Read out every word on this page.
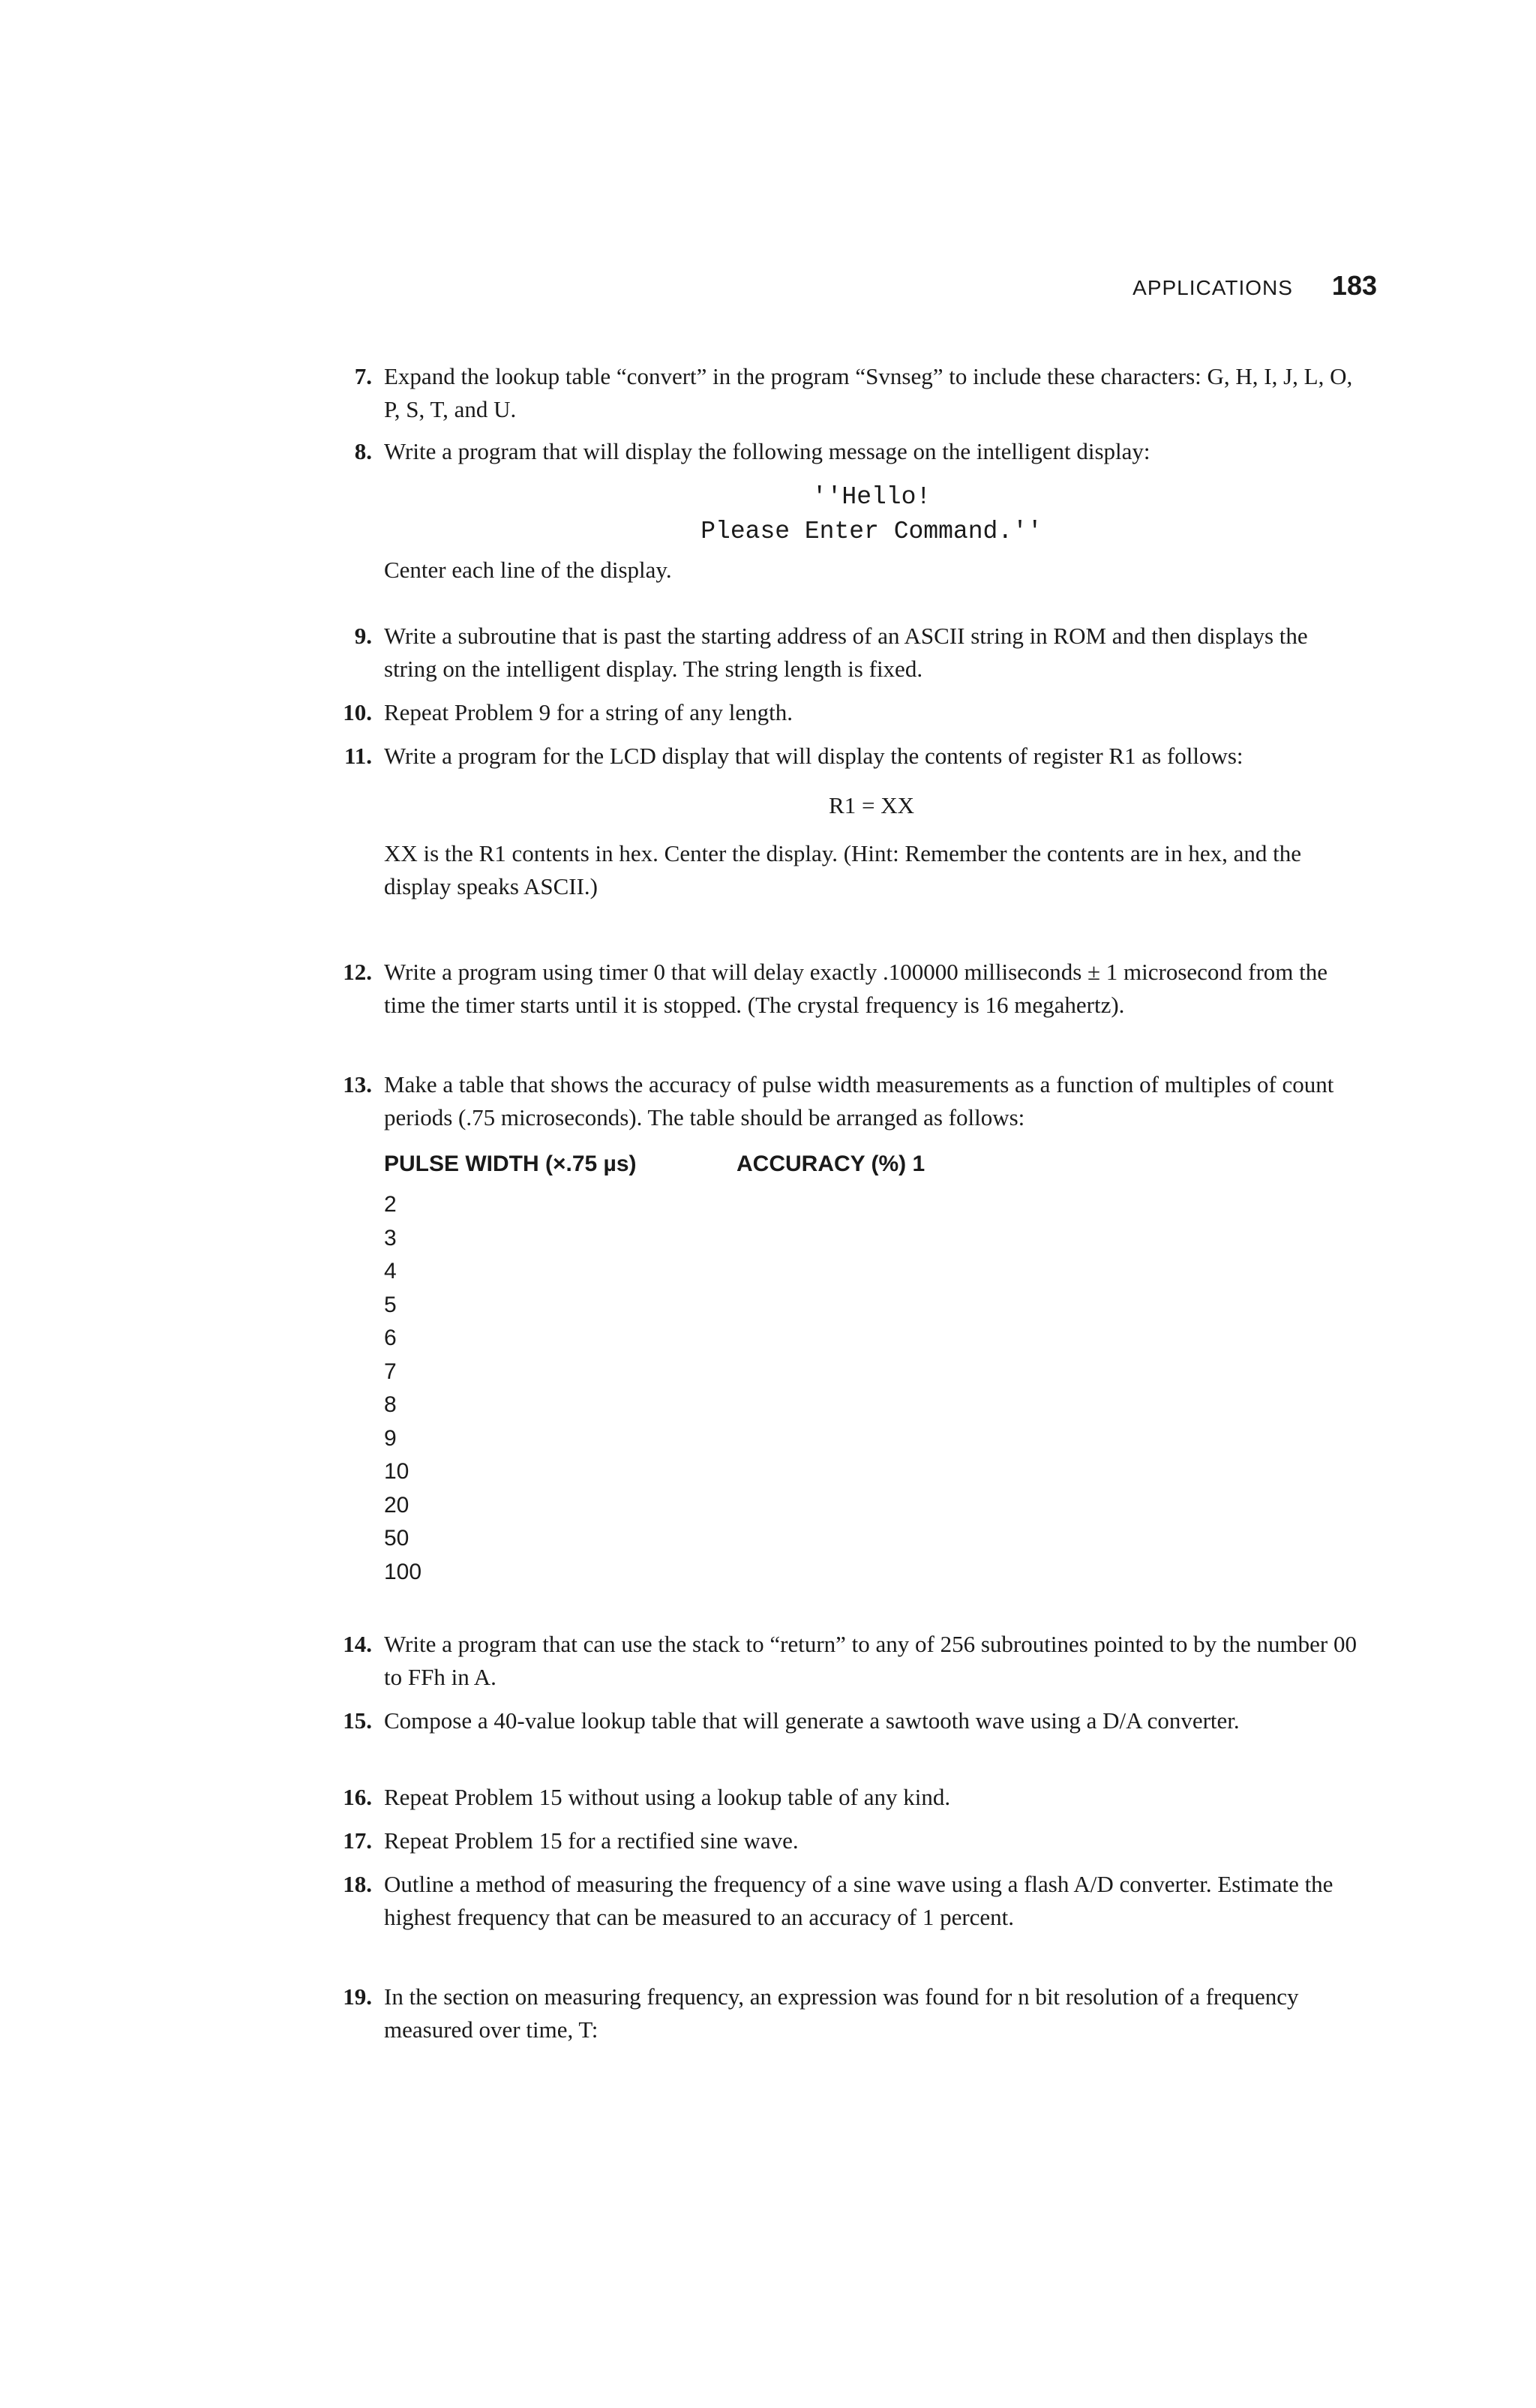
APPLICATIONS 183
7. Expand the lookup table “convert” in the program “Svnseg” to include these characters: G, H, I, J, L, O, P, S, T, and U.
8. Write a program that will display the following message on the intelligent display:
''Hello!
Please Enter Command.''
Center each line of the display.
9. Write a subroutine that is past the starting address of an ASCII string in ROM and then displays the string on the intelligent display. The string length is fixed.
10. Repeat Problem 9 for a string of any length.
11. Write a program for the LCD display that will display the contents of register R1 as follows:
R1 = XX
XX is the R1 contents in hex. Center the display. (Hint: Remember the contents are in hex, and the display speaks ASCII.)
12. Write a program using timer 0 that will delay exactly .100000 milliseconds ± 1 microsecond from the time the timer starts until it is stopped. (The crystal frequency is 16 megahertz).
13. Make a table that shows the accuracy of pulse width measurements as a function of multiples of count periods (.75 microseconds). The table should be arranged as follows:
PULSE WIDTH (×.75 µs)	ACCURACY (%) 1
2
3
4
5
6
7
8
9
10
20
50
100
14. Write a program that can use the stack to “return” to any of 256 subroutines pointed to by the number 00 to FFh in A.
15. Compose a 40-value lookup table that will generate a sawtooth wave using a D/A converter.
16. Repeat Problem 15 without using a lookup table of any kind.
17. Repeat Problem 15 for a rectified sine wave.
18. Outline a method of measuring the frequency of a sine wave using a flash A/D converter. Estimate the highest frequency that can be measured to an accuracy of 1 percent.
19. In the section on measuring frequency, an expression was found for n bit resolution of a frequency measured over time, T:
